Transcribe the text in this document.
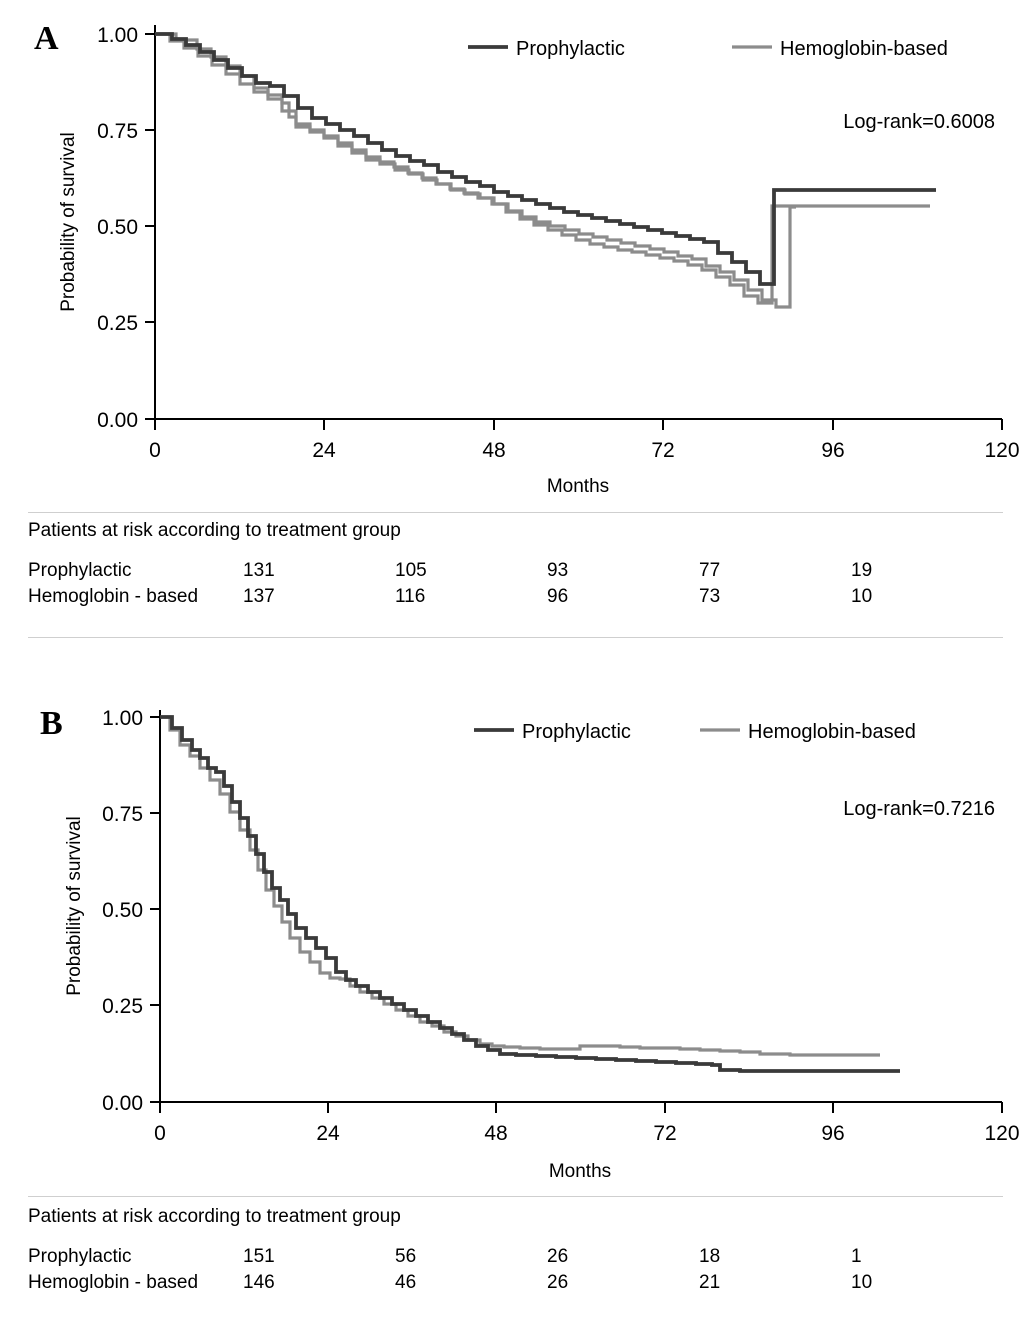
A 1.00
0.75
0.50
0.25
0.00
0	24	48	72	96	120
Months
Probability of survival
Prophylactic	Hemoglobin-based
Log-rank=0.6008

Patients at risk according to treatment group

Prophylactic	131	105	93	77	19
Hemoglobin - based	137	116	96	73	10
B 1.00
0.75
0.50
0.25
0.00
0	24	48	72	96	120
Months
Probability of survival
Prophylactic	Hemoglobin-based
Log-rank=0.7216

Patients at risk according to treatment group

Prophylactic	151	56	26	18	1
Hemoglobin - based	146	46	26	21	10
